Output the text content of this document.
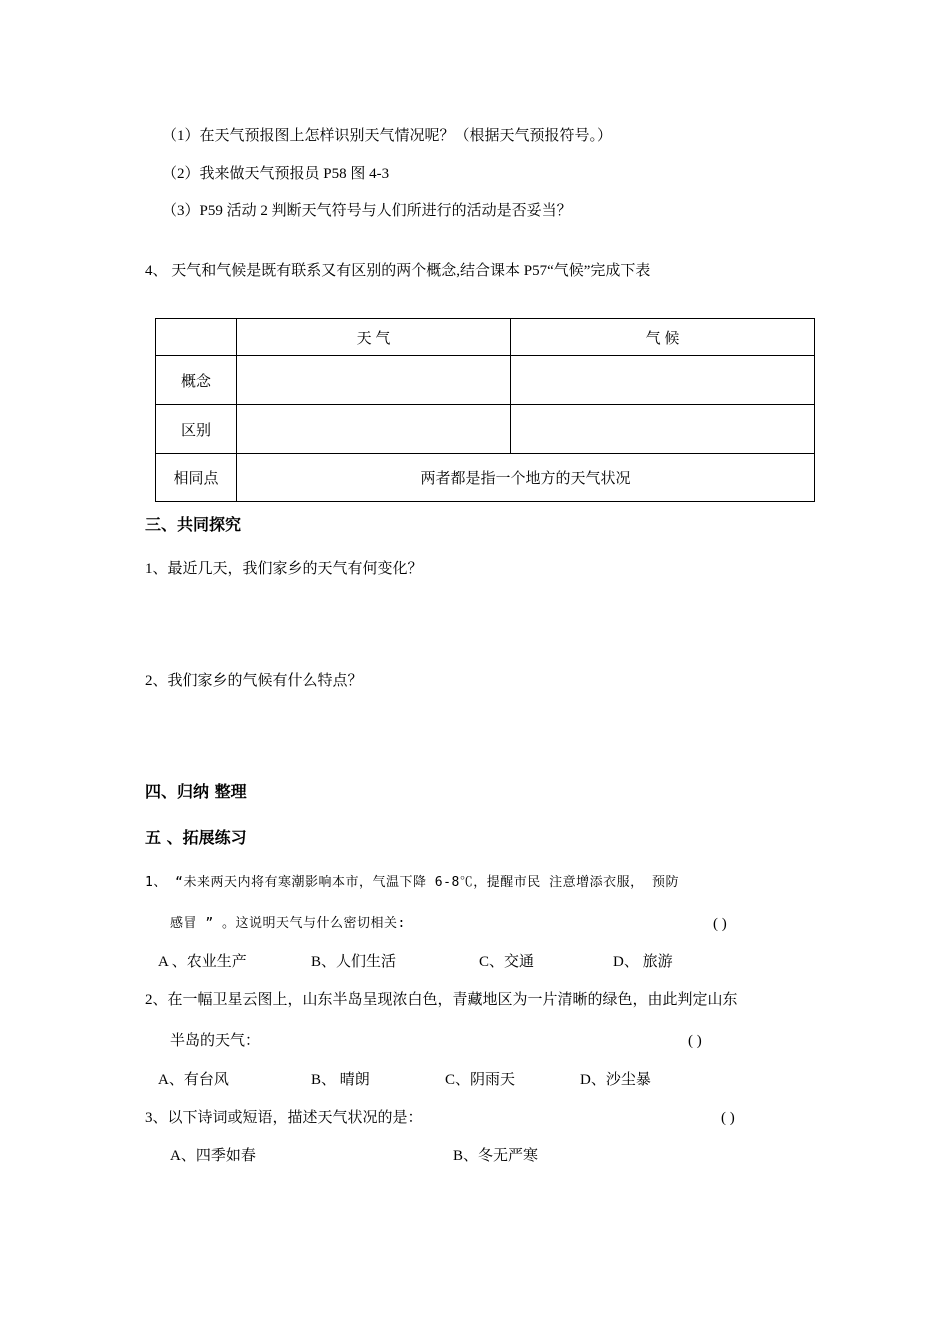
（1）在天气预报图上怎样识别天气情况呢？（根据天气预报符号。）
（2）我来做天气预报员 P58 图 4-3
（3）P59 活动 2 判断天气符号与人们所进行的活动是否妥当？
4、 天气和气候是既有联系又有区别的两个概念,结合课本 P57“气候”完成下表
	天 气	气 候
概念		
区别		
相同点	两者都是指一个地方的天气状况	
三、共同探究
1、最近几天，我们家乡的天气有何变化？
2、我们家乡的气候有什么特点？
四、归纳 整理
五 、拓展练习
1、 “未来两天内将有寒潮影响本市，气温下降 6-8℃，提醒市民 注意增添衣服， 预防
感冒 ” 。这说明天气与什么密切相关:	( )
A 、农业生产	B、人们生活	C、交通	D、 旅游
2、在一幅卫星云图上，山东半岛呈现浓白色，青藏地区为一片清晰的绿色，由此判定山东
半岛的天气：	( )
A、有台风	B、 晴朗	C、阴雨天	D、沙尘暴
3、以下诗词或短语，描述天气状况的是：	( )
A、四季如春	B、冬无严寒
